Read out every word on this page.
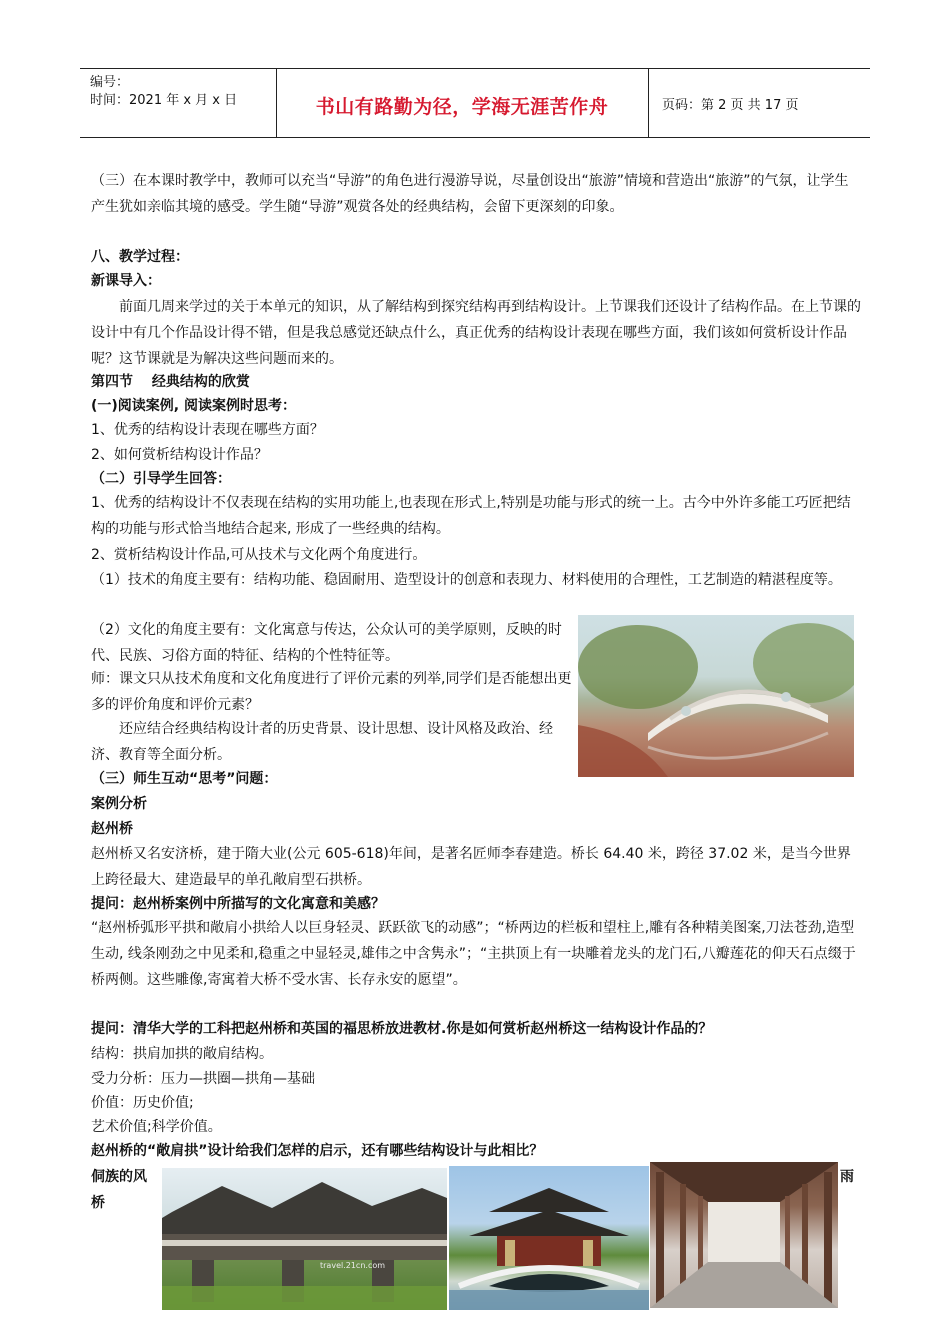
编号：
时间：2021 年 x 月 x 日	书山有路勤为径，学海无涯苦作舟	页码：第 2 页 共 17 页
（三）在本课时教学中，教师可以充当“导游”的角色进行漫游导说，尽量创设出“旅游”情境和营造出“旅游”的气氛，让学生产生犹如亲临其境的感受。学生随“导游”观赏各处的经典结构，会留下更深刻的印象。
八、教学过程：
新课导入：
前面几周来学过的关于本单元的知识，从了解结构到探究结构再到结构设计。上节课我们还设计了结构作品。在上节课的设计中有几个作品设计得不错，但是我总感觉还缺点什么，真正优秀的结构设计表现在哪些方面，我们该如何赏析设计作品呢？这节课就是为解决这些问题而来的。
第四节　 经典结构的欣赏
(一)阅读案例, 阅读案例时思考：
1、优秀的结构设计表现在哪些方面？
2、如何赏析结构设计作品？
（二）引导学生回答：
1、优秀的结构设计不仅表现在结构的实用功能上,也表现在形式上,特别是功能与形式的统一上。古今中外许多能工巧匠把结构的功能与形式恰当地结合起来, 形成了一些经典的结构。
2、赏析结构设计作品,可从技术与文化两个角度进行。
（1）技术的角度主要有：结构功能、稳固耐用、造型设计的创意和表现力、材料使用的合理性，工艺制造的精湛程度等。
（2）文化的角度主要有：文化寓意与传达，公众认可的美学原则，反映的时代、民族、习俗方面的特征、结构的个性特征等。
师：课文只从技术角度和文化角度进行了评价元素的列举,同学们是否能想出更多的评价角度和评价元素？
还应结合经典结构设计者的历史背景、设计思想、设计风格及政治、经济、教育等全面分析。
（三）师生互动“思考”问题：
案例分析
赵州桥
赵州桥又名安济桥，建于隋大业(公元 605-618)年间，是著名匠师李春建造。桥长 64.40 米，跨径 37.02 米，是当今世界上跨径最大、建造最早的单孔敞肩型石拱桥。
提问：赵州桥案例中所描写的文化寓意和美感？
“赵州桥弧形平拱和敞肩小拱给人以巨身轻灵、跃跃欲飞的动感”；“桥两边的栏板和望柱上,雕有各种精美图案,刀法苍劲,造型生动, 线条刚劲之中见柔和,稳重之中显轻灵,雄伟之中含隽永”；“主拱顶上有一块雕着龙头的龙门石,八瓣莲花的仰天石点缀于桥两侧。这些雕像,寄寓着大桥不受水害、长存永安的愿望”。
提问：清华大学的工科把赵州桥和英国的福思桥放进教材.你是如何赏析赵州桥这一结构设计作品的？
结构：拱肩加拱的敞肩结构。
受力分析：压力—拱圈—拱角—基础
价值：历史价值;
艺术价值;科学价值。
赵州桥的“敞肩拱”设计给我们怎样的启示，还有哪些结构设计与此相比？
侗族的风
桥
雨
travel.21cn.com
